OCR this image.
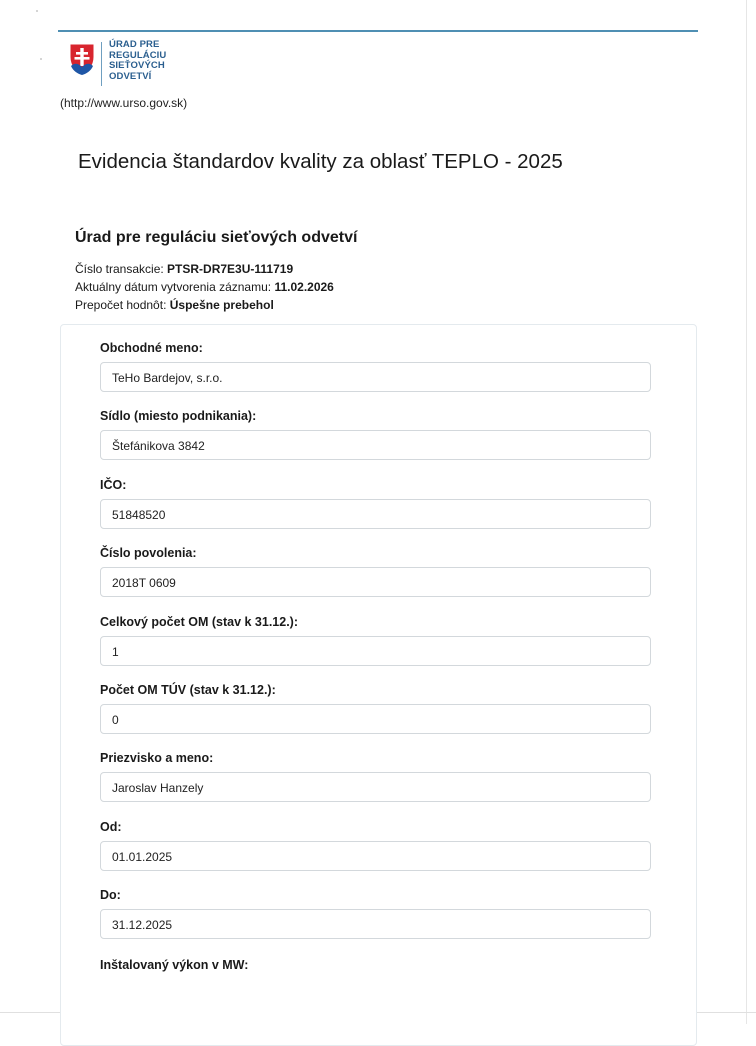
ÚRAD PRE
REGULÁCIU
SIEŤOVÝCH
ODVETVÍ
(http://www.urso.gov.sk)
Evidencia štandardov kvality za oblasť TEPLO - 2025
Úrad pre reguláciu sieťových odvetví
Číslo transakcie: PTSR-DR7E3U-111719
Aktuálny dátum vytvorenia záznamu: 11.02.2026
Prepočet hodnôt: Úspešne prebehol
Obchodné meno:
TeHo Bardejov, s.r.o.
Sídlo (miesto podnikania):
Štefánikova 3842
IČO:
51848520
Číslo povolenia:
2018T 0609
Celkový počet OM (stav k 31.12.):
1
Počet OM TÚV (stav k 31.12.):
0
Priezvisko a meno:
Jaroslav Hanzely
Od:
01.01.2025
Do:
31.12.2025
Inštalovaný výkon v MW:
